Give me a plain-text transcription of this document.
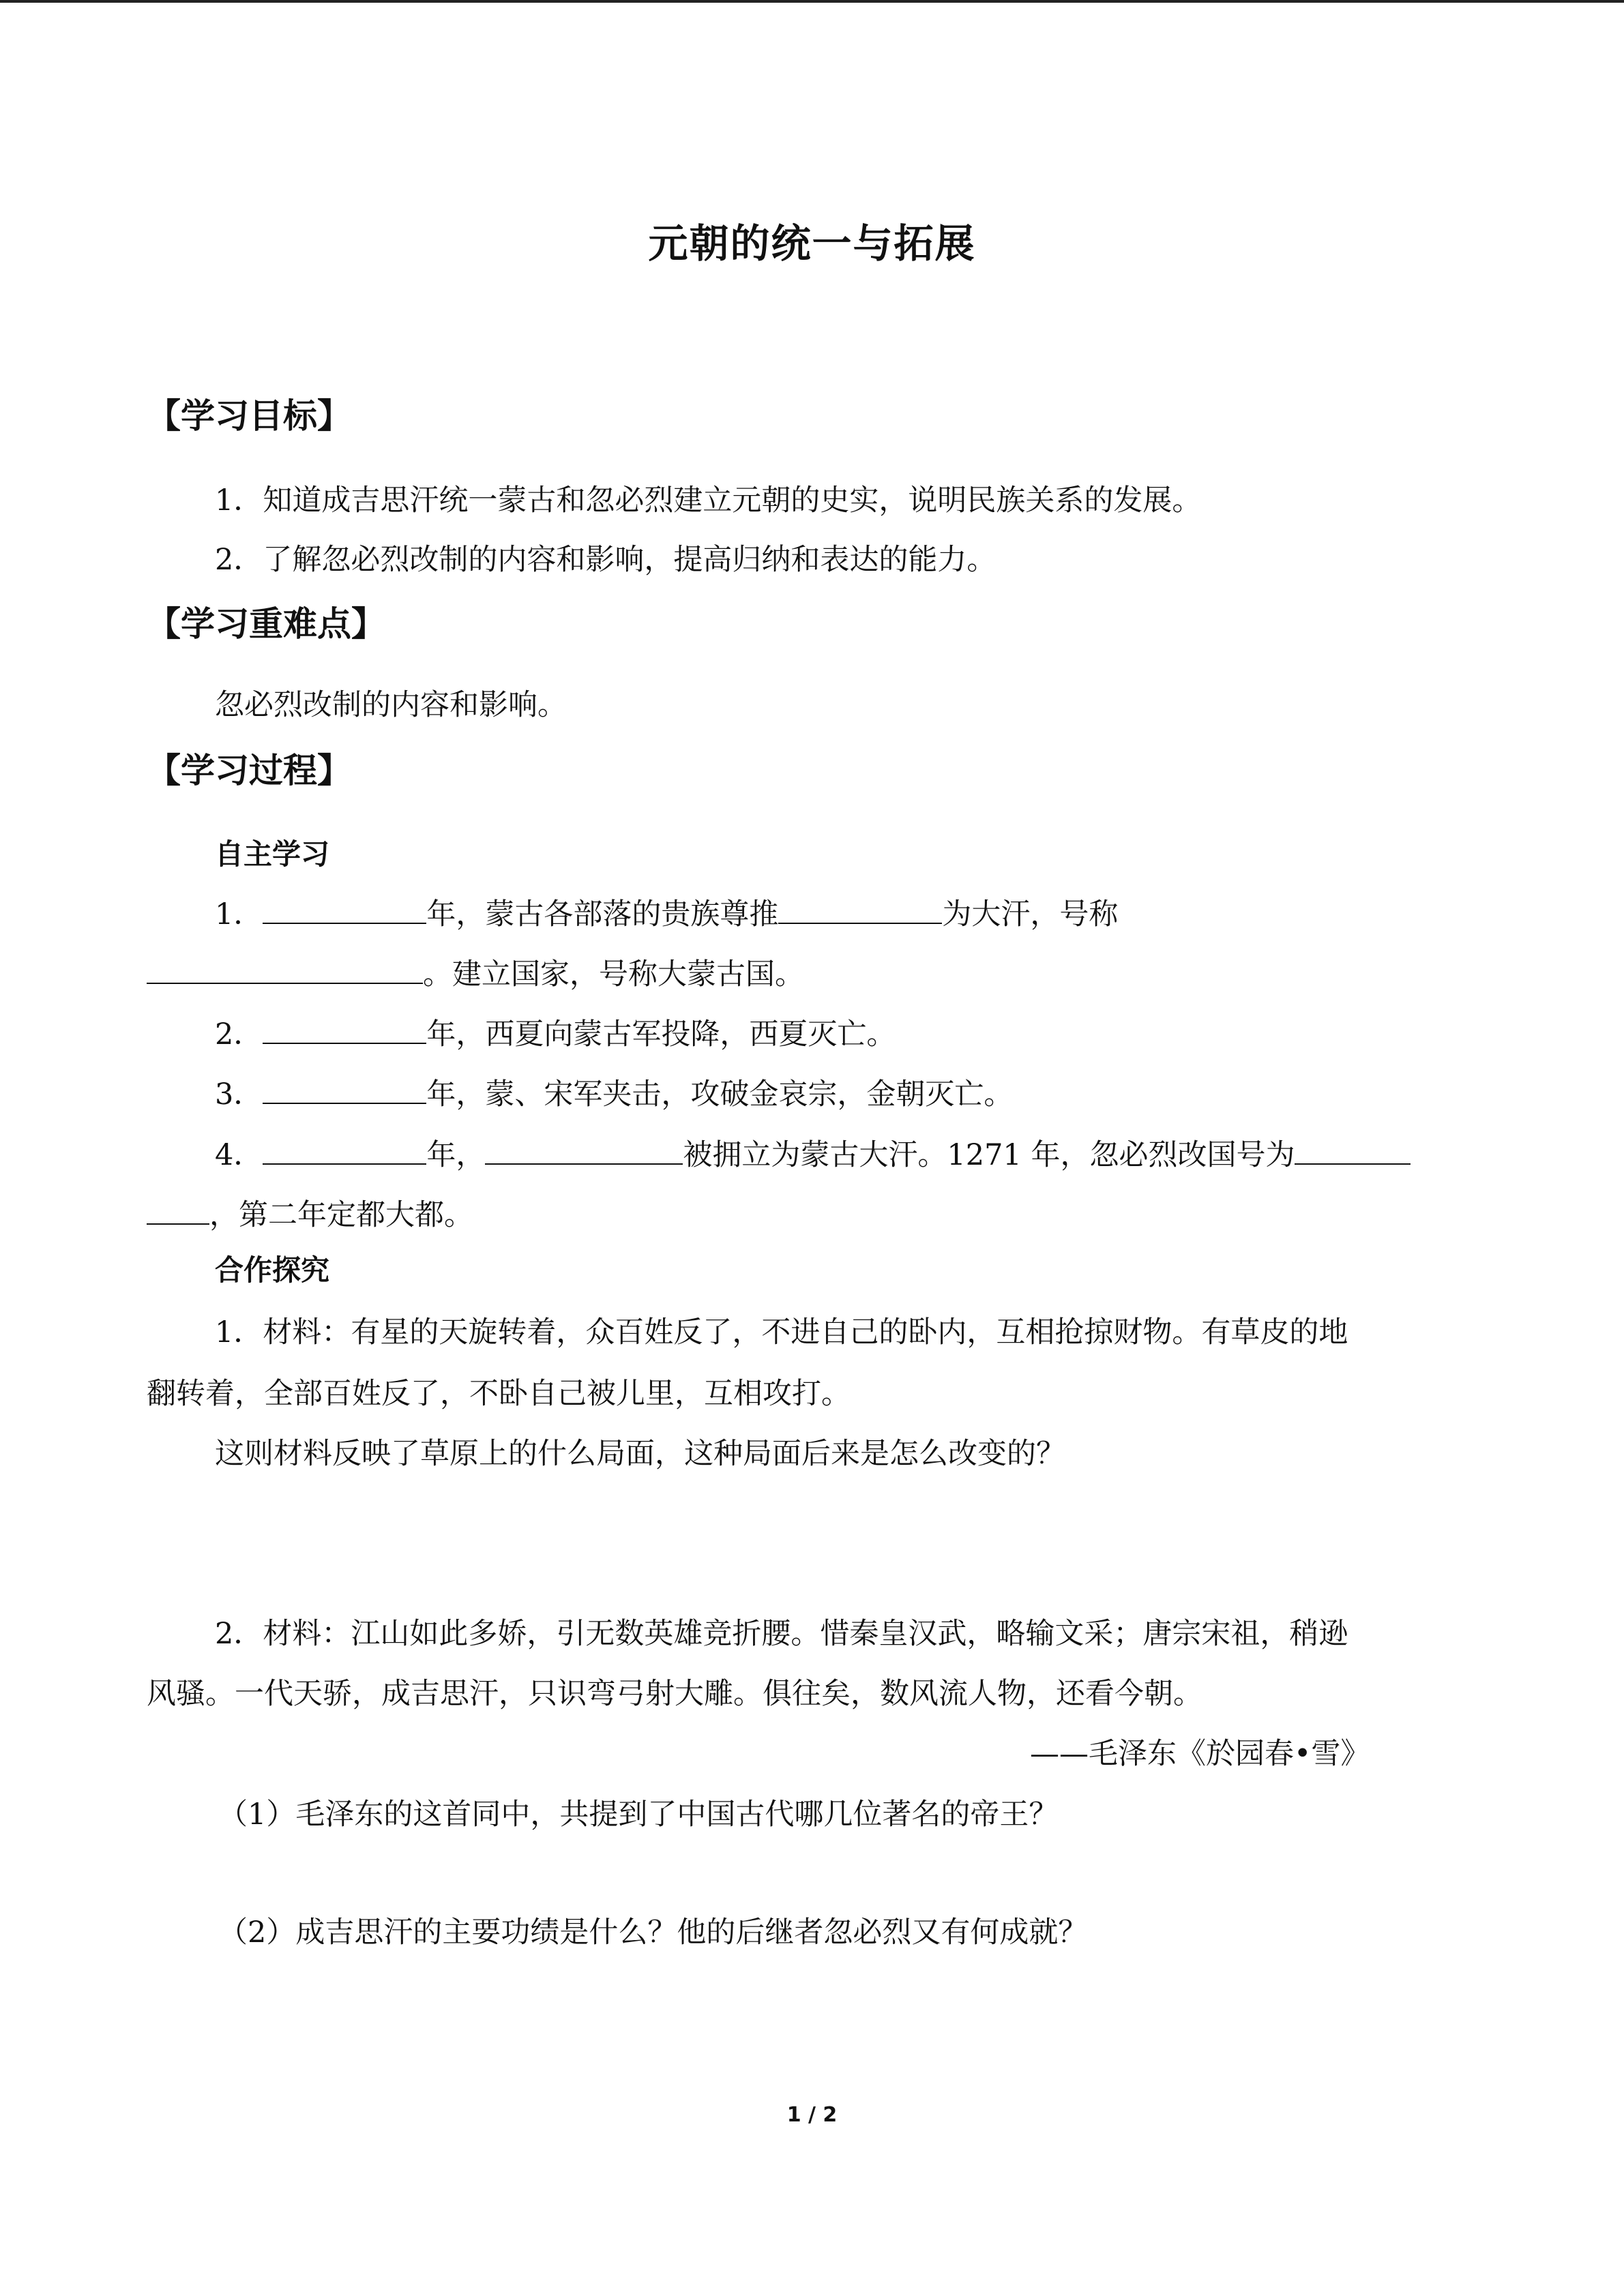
元朝的统一与拓展
【学习目标】
1．知道成吉思汗统一蒙古和忽必烈建立元朝的史实，说明民族关系的发展。
2．了解忽必烈改制的内容和影响，提高归纳和表达的能力。
【学习重难点】
忽必烈改制的内容和影响。
【学习过程】
自主学习
1．	年，蒙古各部落的贵族尊推	为大汗，号称
。建立国家，号称大蒙古国。
2．	年，西夏向蒙古军投降，西夏灭亡。
3．	年，蒙、宋军夹击，攻破金哀宗，金朝灭亡。
4．	年，	被拥立为蒙古大汗。1271 年，忽必烈改国号为
，第二年定都大都。
合作探究
1．材料：有星的天旋转着，众百姓反了，不进自己的卧内，互相抢掠财物。有草皮的地
翻转着，全部百姓反了，不卧自己被儿里，互相攻打。
这则材料反映了草原上的什么局面，这种局面后来是怎么改变的？
2．材料：江山如此多娇，引无数英雄竞折腰。惜秦皇汉武，略输文采；唐宗宋祖，稍逊
风骚。一代天骄，成吉思汗，只识弯弓射大雕。俱往矣，数风流人物，还看今朝。
——毛泽东《於园春•雪》
（1）毛泽东的这首同中，共提到了中国古代哪几位著名的帝王？
（2）成吉思汗的主要功绩是什么？他的后继者忽必烈又有何成就？
1 / 2
